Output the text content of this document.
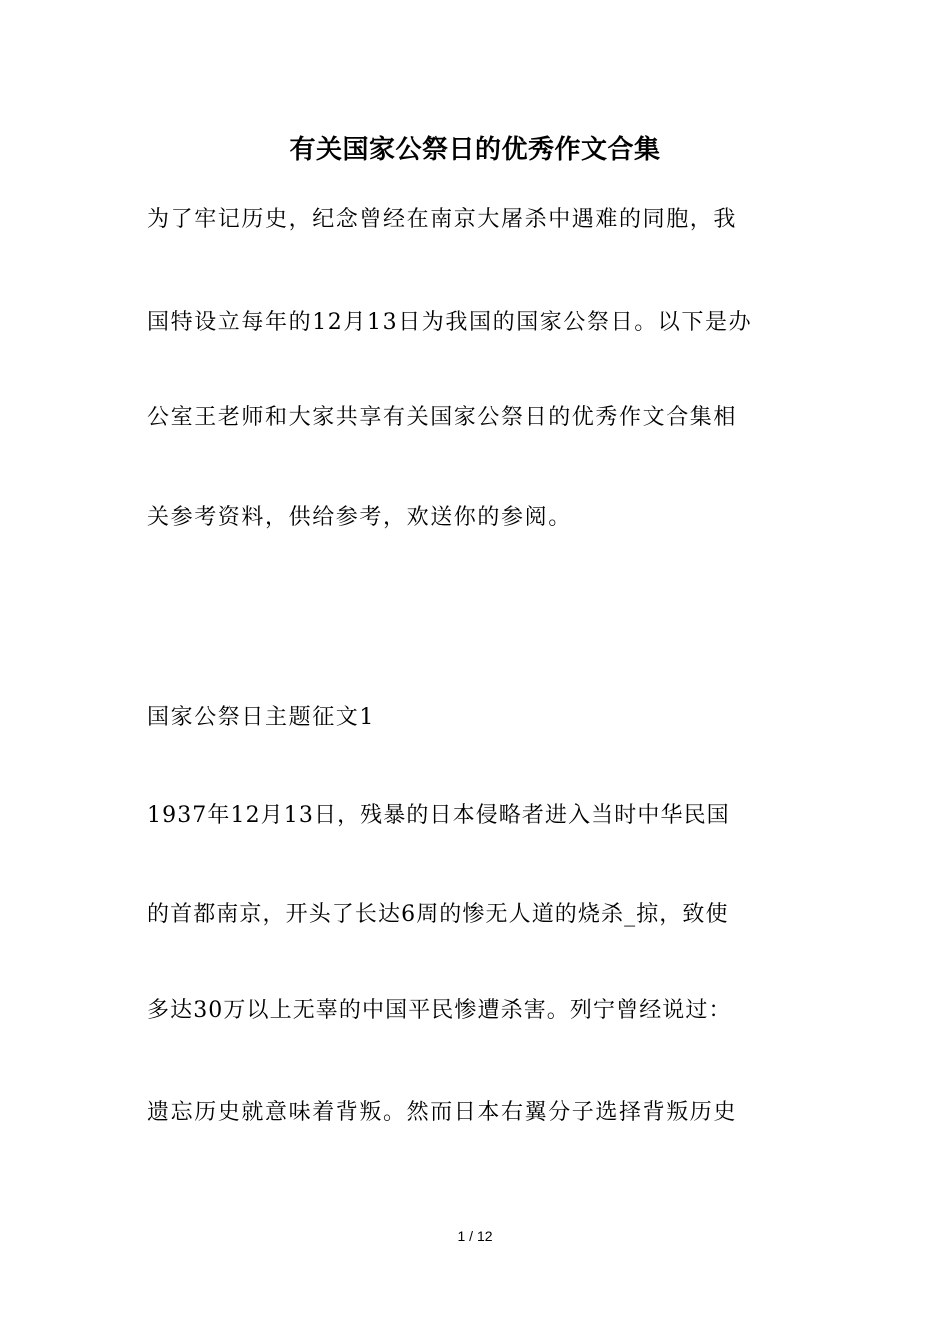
有关国家公祭日的优秀作文合集
为了牢记历史，纪念曾经在南京大屠杀中遇难的同胞，我
国特设立每年的12月13日为我国的国家公祭日。以下是办
公室王老师和大家共享有关国家公祭日的优秀作文合集相
关参考资料，供给参考，欢送你的参阅。
国家公祭日主题征文1
1937年12月13日，残暴的日本侵略者进入当时中华民国
的首都南京，开头了长达6周的惨无人道的烧杀_掠，致使
多达30万以上无辜的中国平民惨遭杀害。列宁曾经说过：
遗忘历史就意味着背叛。然而日本右翼分子选择背叛历史
1 / 12
